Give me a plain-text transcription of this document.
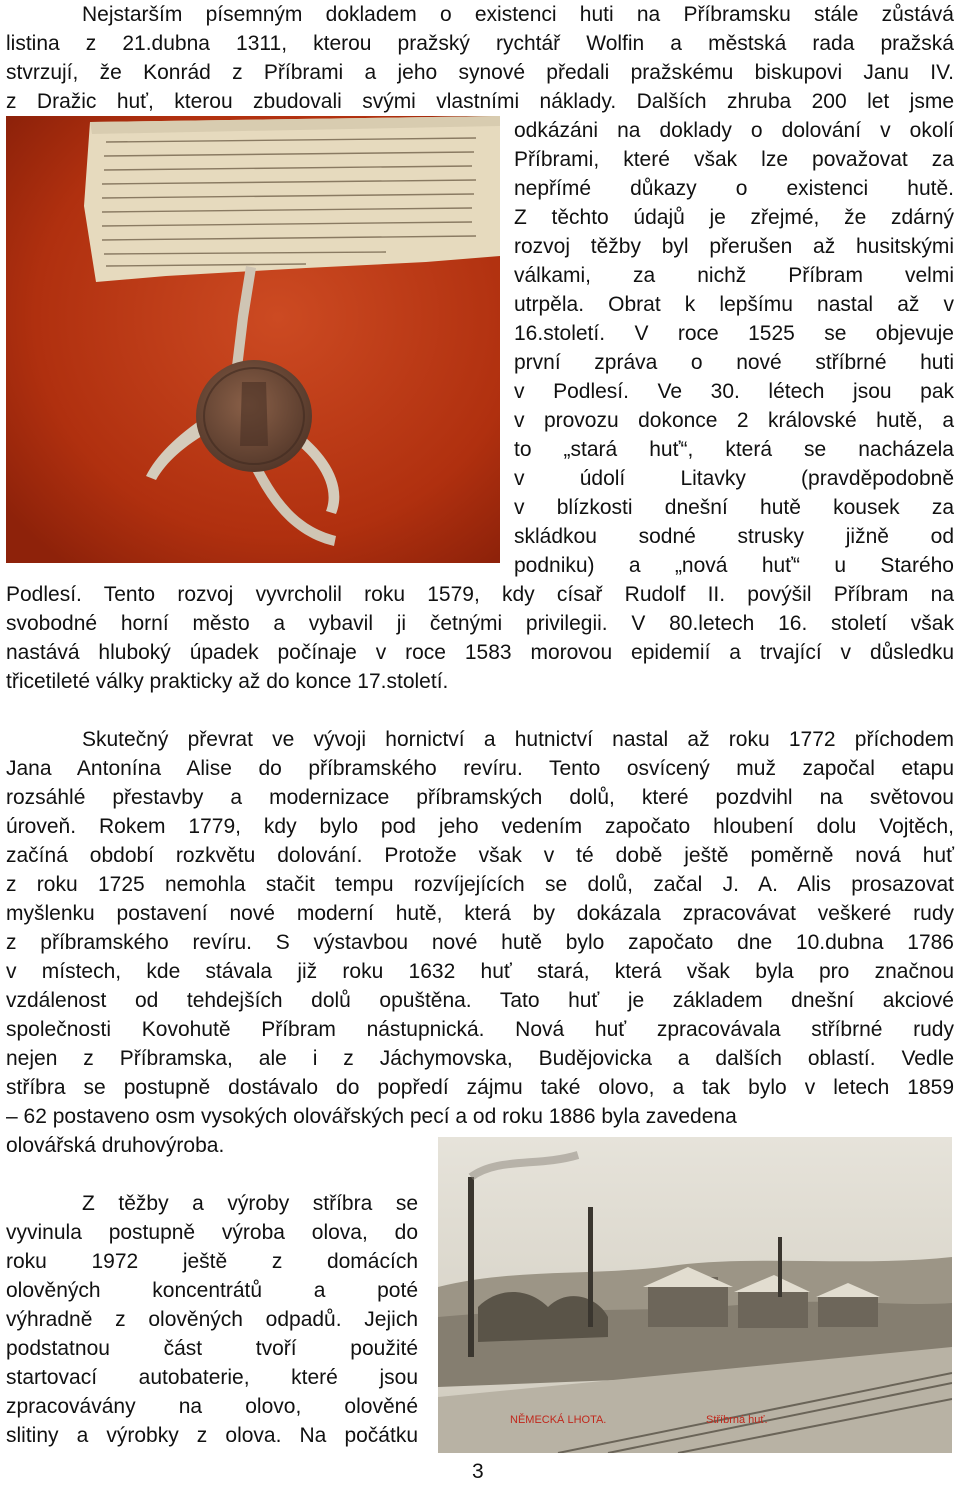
Nejstarším písemným dokladem o existenci huti na Příbramsku stále zůstává
listina z 21.dubna 1311, kterou pražský rychtář Wolfin a městská rada pražská
stvrzují, že Konrád z Příbrami a jeho synové předali pražskému biskupovi Janu IV.
z Dražic huť, kterou zbudovali svými vlastními náklady. Dalších zhruba 200 let jsme
odkázáni na doklady o dolování v okolí
Příbrami, které však lze považovat za
nepřímé důkazy o existenci hutě.
Z těchto údajů je zřejmé, že zdárný
rozvoj těžby byl přerušen až husitskými
válkami, za nichž Příbram velmi
utrpěla. Obrat k lepšímu nastal až v
16.století. V roce 1525 se objevuje
první zpráva o nové stříbrné huti
v Podlesí. Ve 30. létech jsou pak
v provozu dokonce 2 královské hutě, a
to „stará huť“, která se nacházela
v údolí Litavky (pravděpodobně
v blízkosti dnešní hutě kousek za
skládkou sodné strusky jižně od
podniku) a „nová huť“ u Starého
Podlesí. Tento rozvoj vyvrcholil roku 1579, kdy císař Rudolf II. povýšil Příbram na
svobodné horní město a vybavil ji četnými privilegii. V 80.letech 16. století však
nastává hluboký úpadek počínaje v roce 1583 morovou epidemií a trvající v důsledku
třicetileté války prakticky až do konce 17.století.
Skutečný převrat ve vývoji hornictví a hutnictví nastal až roku 1772 příchodem
Jana Antonína Alise do příbramského revíru. Tento osvícený muž započal etapu
rozsáhlé přestavby a modernizace příbramských dolů, které pozdvihl na světovou
úroveň. Rokem 1779, kdy bylo pod jeho vedením započato hloubení dolu Vojtěch,
začíná období rozkvětu dolování. Protože však v té době ještě poměrně nová huť
z roku 1725 nemohla stačit tempu rozvíjejících se dolů, začal J. A. Alis prosazovat
myšlenku postavení nové moderní hutě, která by dokázala zpracovávat veškeré rudy
z příbramského revíru. S výstavbou nové hutě bylo započato dne 10.dubna 1786
v místech, kde stávala již roku 1632 huť stará, která však byla pro značnou
vzdálenost od tehdejších dolů opuštěna. Tato huť je základem dnešní akciové
společnosti Kovohutě Příbram nástupnická. Nová huť zpracovávala stříbrné rudy
nejen z Příbramska, ale i z Jáchymovska, Budějovicka a dalších oblastí. Vedle
stříbra se postupně dostávalo do popředí zájmu také olovo, a tak bylo v letech 1859
– 62 postaveno osm vysokých olovářských pecí a od roku 1886 byla zavedena
olovářská druhovýroba.
Z těžby a výroby stříbra se
vyvinula postupně výroba olova, do
roku 1972 ještě z domácích
olověných koncentrátů a poté
výhradně z olověných odpadů. Jejich
podstatnou část tvoří použité
startovací autobaterie, které jsou
zpracovávány na olovo, olověné
slitiny a výrobky z olova. Na počátku
NĚMECKÁ LHOTA.	Stříbrná huť.
3
